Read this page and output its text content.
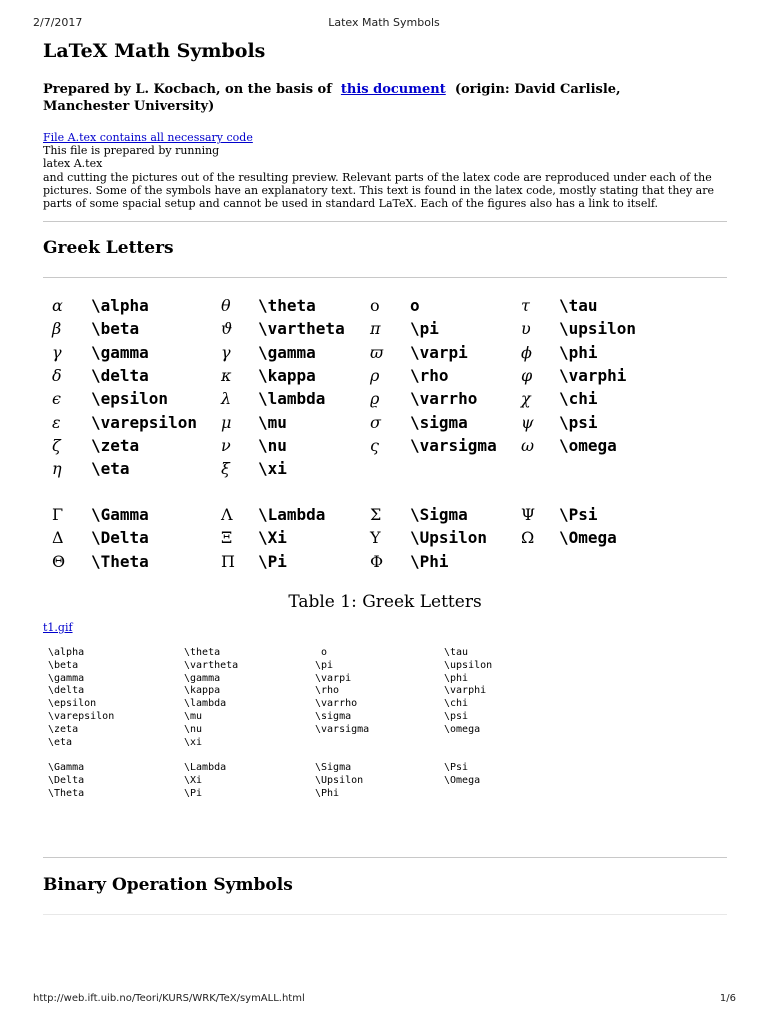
2/7/2017	Latex Math Symbols
LaTeX Math Symbols
Prepared by L. Kocbach, on the basis of this document (origin: David Carlisle, Manchester University)
File A.tex contains all necessary code
This file is prepared by running
latex A.tex
and cutting the pictures out of the resulting preview. Relevant parts of the latex code are reproduced under each of the pictures. Some of the symbols have an explanatory text. This text is found in the latex code, mostly stating that they are parts of some spacial setup and cannot be used in standard LaTeX. Each of the figures also has a link to itself.
Greek Letters
α \alpha
β \beta
γ \gamma
δ \delta
ϵ \epsilon
ε \varepsilon
ζ \zeta
η \eta
θ \theta
ϑ \vartheta
γ \gamma
κ \kappa
λ \lambda
μ \mu
ν \nu
ξ \xi
o o
π \pi
ϖ \varpi
ρ \rho
ϱ \varrho
σ \sigma
ς \varsigma
τ \tau
υ \upsilon
ϕ \phi
φ \varphi
χ \chi
ψ \psi
ω \omega
Γ \Gamma
Δ \Delta
Θ \Theta
Λ \Lambda
Ξ \Xi
Π \Pi
Σ \Sigma
Υ \Upsilon
Φ \Phi
Ψ \Psi
Ω \Omega
Table 1: Greek Letters
t1.gif
\alpha
\beta
\gamma
\delta
\epsilon
\varepsilon
\zeta
\eta

\Gamma
\Delta
\Theta
\theta
\vartheta
\gamma
\kappa
\lambda
\mu
\nu
\xi

\Lambda
\Xi
\Pi
o
\pi
\varpi
\rho
\varrho
\sigma
\varsigma

\Sigma
\Upsilon
\Phi
\tau
\upsilon
\phi
\varphi
\chi
\psi
\omega

\Psi
\Omega
Binary Operation Symbols
http://web.ift.uib.no/Teori/KURS/WRK/TeX/symALL.html	1/6
